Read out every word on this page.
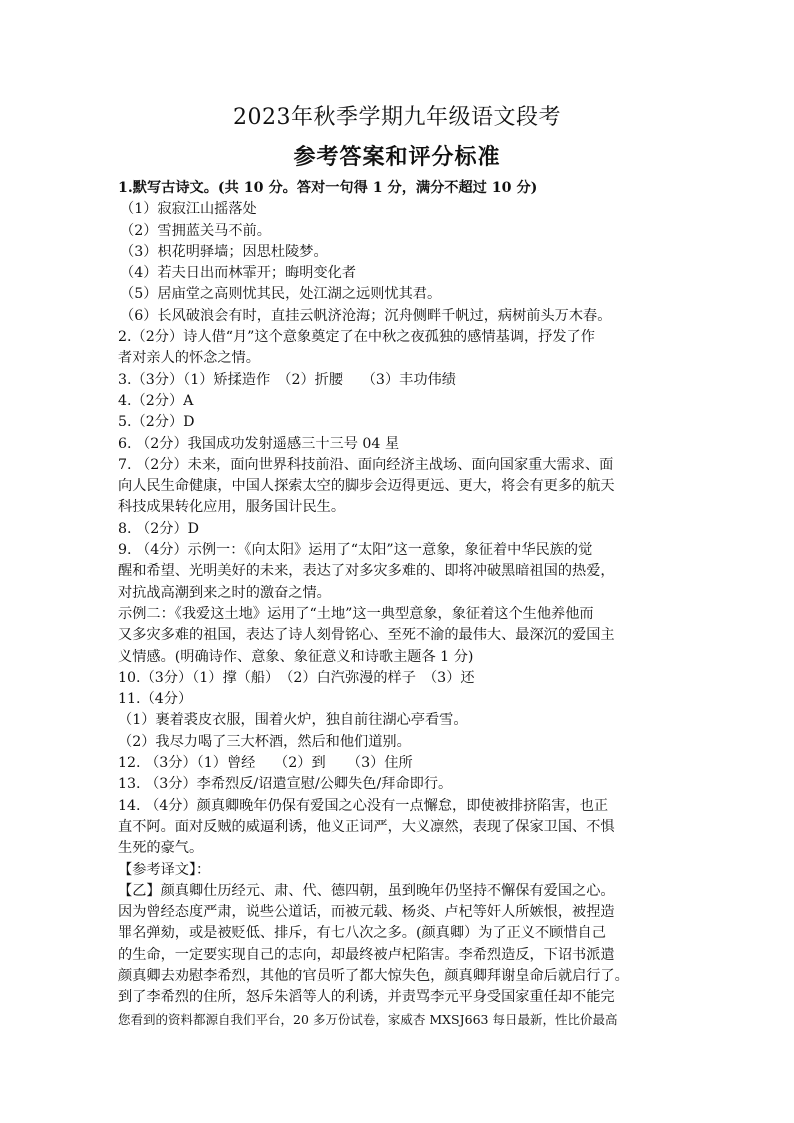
2023年秋季学期九年级语文段考
参考答案和评分标准

1.默写古诗文。(共 10 分。答对一句得 1 分，满分不超过 10 分)

（1）寂寂江山摇落处

（2）雪拥蓝关马不前。

（3）枳花明驿墙；因思杜陵梦。

（4）若夫日出而林霏开；晦明变化者

（5）居庙堂之高则忧其民，处江湖之远则忧其君。

（6）长风破浪会有时，直挂云帆济沧海；沉舟侧畔千帆过，病树前头万木春。

2.（2分）诗人借“月”这个意象奠定了在中秋之夜孤独的感情基调，抒发了作

者对亲人的怀念之情。

3.（3分）（1）矫揉造作　（2）折腰　 （3）丰功伟绩

4.（2分）A

5.（2分）D

6. （2分）我国成功发射遥感三十三号 04 星

7. （2分）未来，面向世界科技前沿、面向经济主战场、面向国家重大需求、面

向人民生命健康，中国人探索太空的脚步会迈得更远、更大，将会有更多的航天

科技成果转化应用，服务国计民生。

8. （2分）D

9. （4分）示例一：《向太阳》运用了“太阳”这一意象，象征着中华民族的觉

醒和希望、光明美好的未来，表达了对多灾多难的、即将冲破黑暗祖国的热爱，

对抗战高潮到来之时的激奋之情。

示例二：《我爱这土地》运用了“土地”这一典型意象，象征着这个生他养他而

又多灾多难的祖国，表达了诗人刻骨铭心、至死不渝的最伟大、最深沉的爱国主

义情感。(明确诗作、意象、象征意义和诗歌主题各 1 分)

10.（3分）（1）撑（船）　（2）白汽弥漫的样子　（3）还

11.（4分）

（1）裹着裘皮衣服，围着火炉，独自前往湖心亭看雪。

（2）我尽力喝了三大杯酒，然后和他们道别。

12. （3分）（1）曾经　 （2）到　　（3）住所

13. （3分）李希烈反/诏遣宣慰/公卿失色/拜命即行。

14. （4分）颜真卿晚年仍保有爱国之心没有一点懈怠，即使被排挤陷害，也正

直不阿。面对反贼的威逼利诱，他义正词严，大义凛然，表现了保家卫国、不惧

生死的豪气。

【参考译文】：

【乙】颜真卿仕历经元、肃、代、德四朝，虽到晚年仍坚持不懈保有爱国之心。

因为曾经态度严肃，说些公道话，而被元载、杨炎、卢杞等奸人所嫉恨，被捏造

罪名弹劾，或是被贬低、排斥，有七八次之多。(颜真卿）为了正义不顾惜自己

的生命，一定要实现自己的志向，却最终被卢杞陷害。李希烈造反，下诏书派遣

颜真卿去劝慰李希烈，其他的官员听了都大惊失色，颜真卿拜谢皇命后就启行了。

到了李希烈的住所，怒斥朱滔等人的利诱，并责骂李元平身受国家重任却不能完

您看到的资料都源自我们平台，20 多万份试卷，家威杏 MXSJ663 每日最新，性比价最高
